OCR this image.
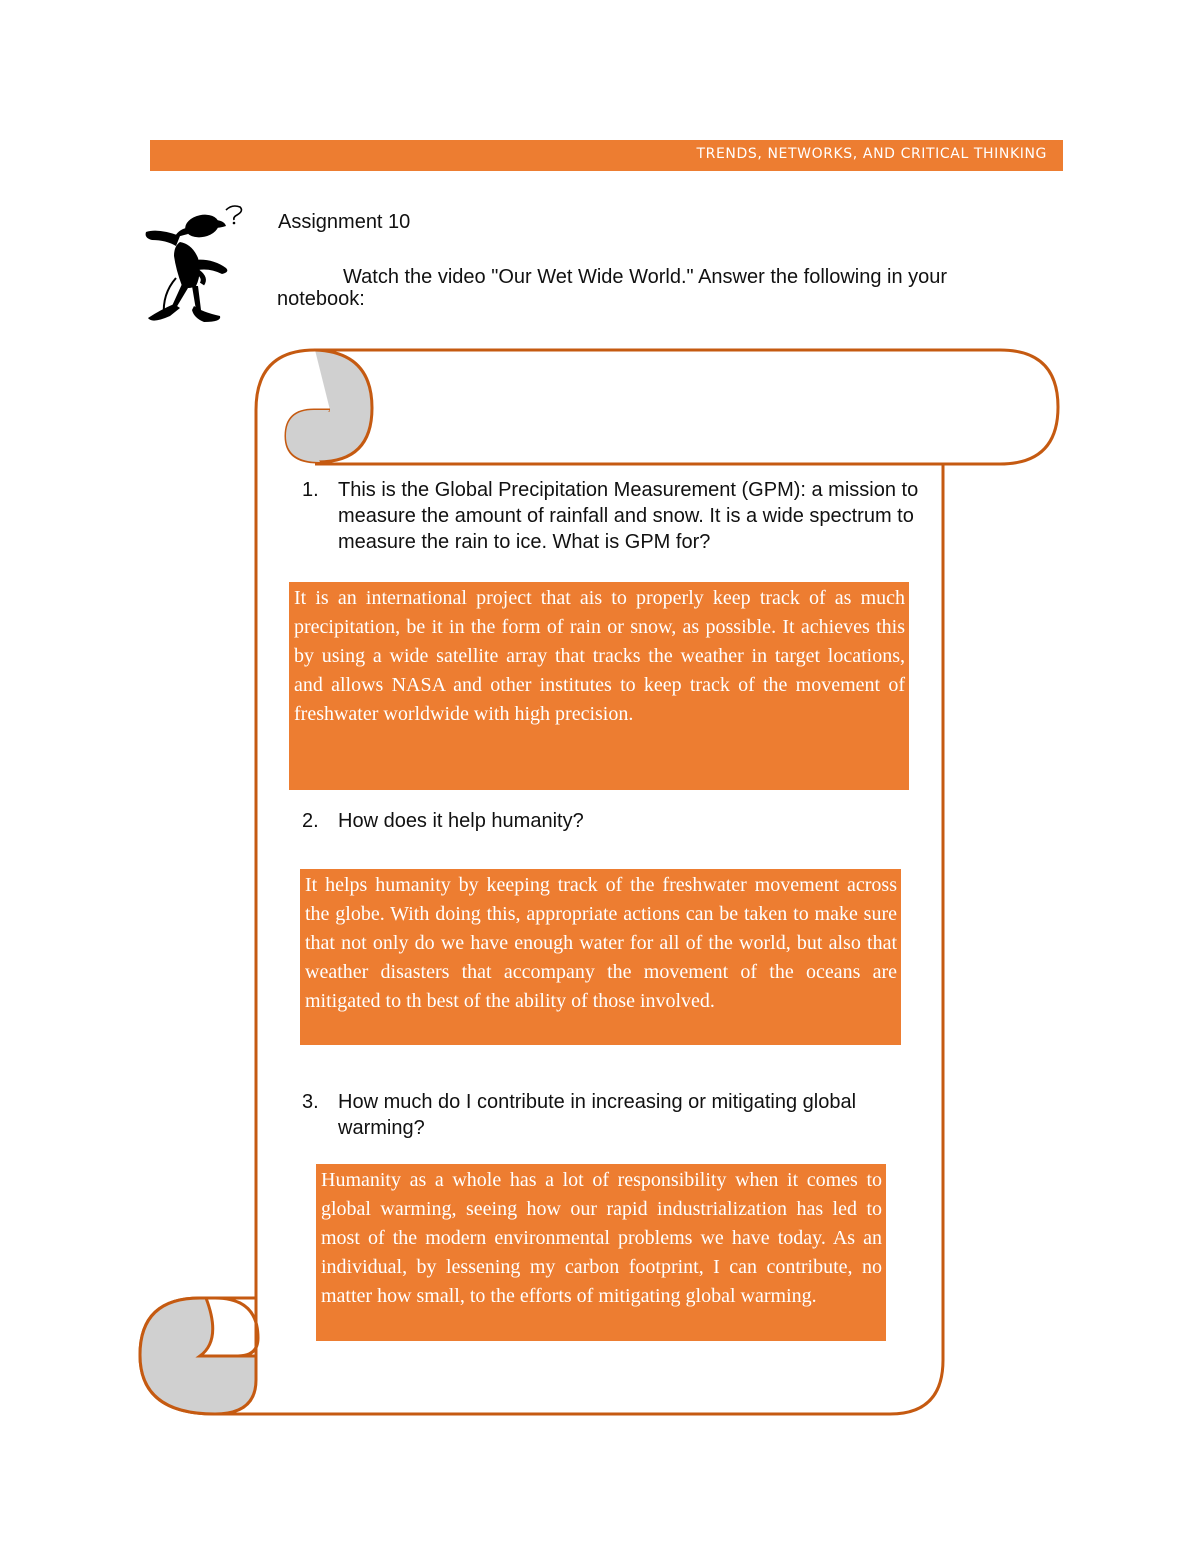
TRENDS, NETWORKS, AND CRITICAL THINKING
Assignment 10
Watch the video "Our Wet Wide World." Answer the following in your notebook:
1. This is the Global Precipitation Measurement (GPM): a mission to measure the amount of rainfall and snow. It is a wide spectrum to measure the rain to ice. What is GPM for?
It is an international project that ais to properly keep track of as much precipitation, be it in the form of rain or snow, as possible. It achieves this by using a wide satellite array that tracks the weather in target locations, and allows NASA and other institutes to keep track of the movement of freshwater worldwide with high precision.
2. How does it help humanity?
It helps humanity by keeping track of the freshwater movement across the globe. With doing this, appropriate actions can be taken to make sure that not only do we have enough water for all of the world, but also that weather disasters that accompany the movement of the oceans are mitigated to th best of the ability of those involved.
3. How much do I contribute in increasing or mitigating global warming?
Humanity as a whole has a lot of responsibility when it comes to global warming, seeing how our rapid industrialization has led to most of the modern environmental problems we have today. As an individual, by lessening my carbon footprint, I can contribute, no matter how small, to the efforts of mitigating global warming.
